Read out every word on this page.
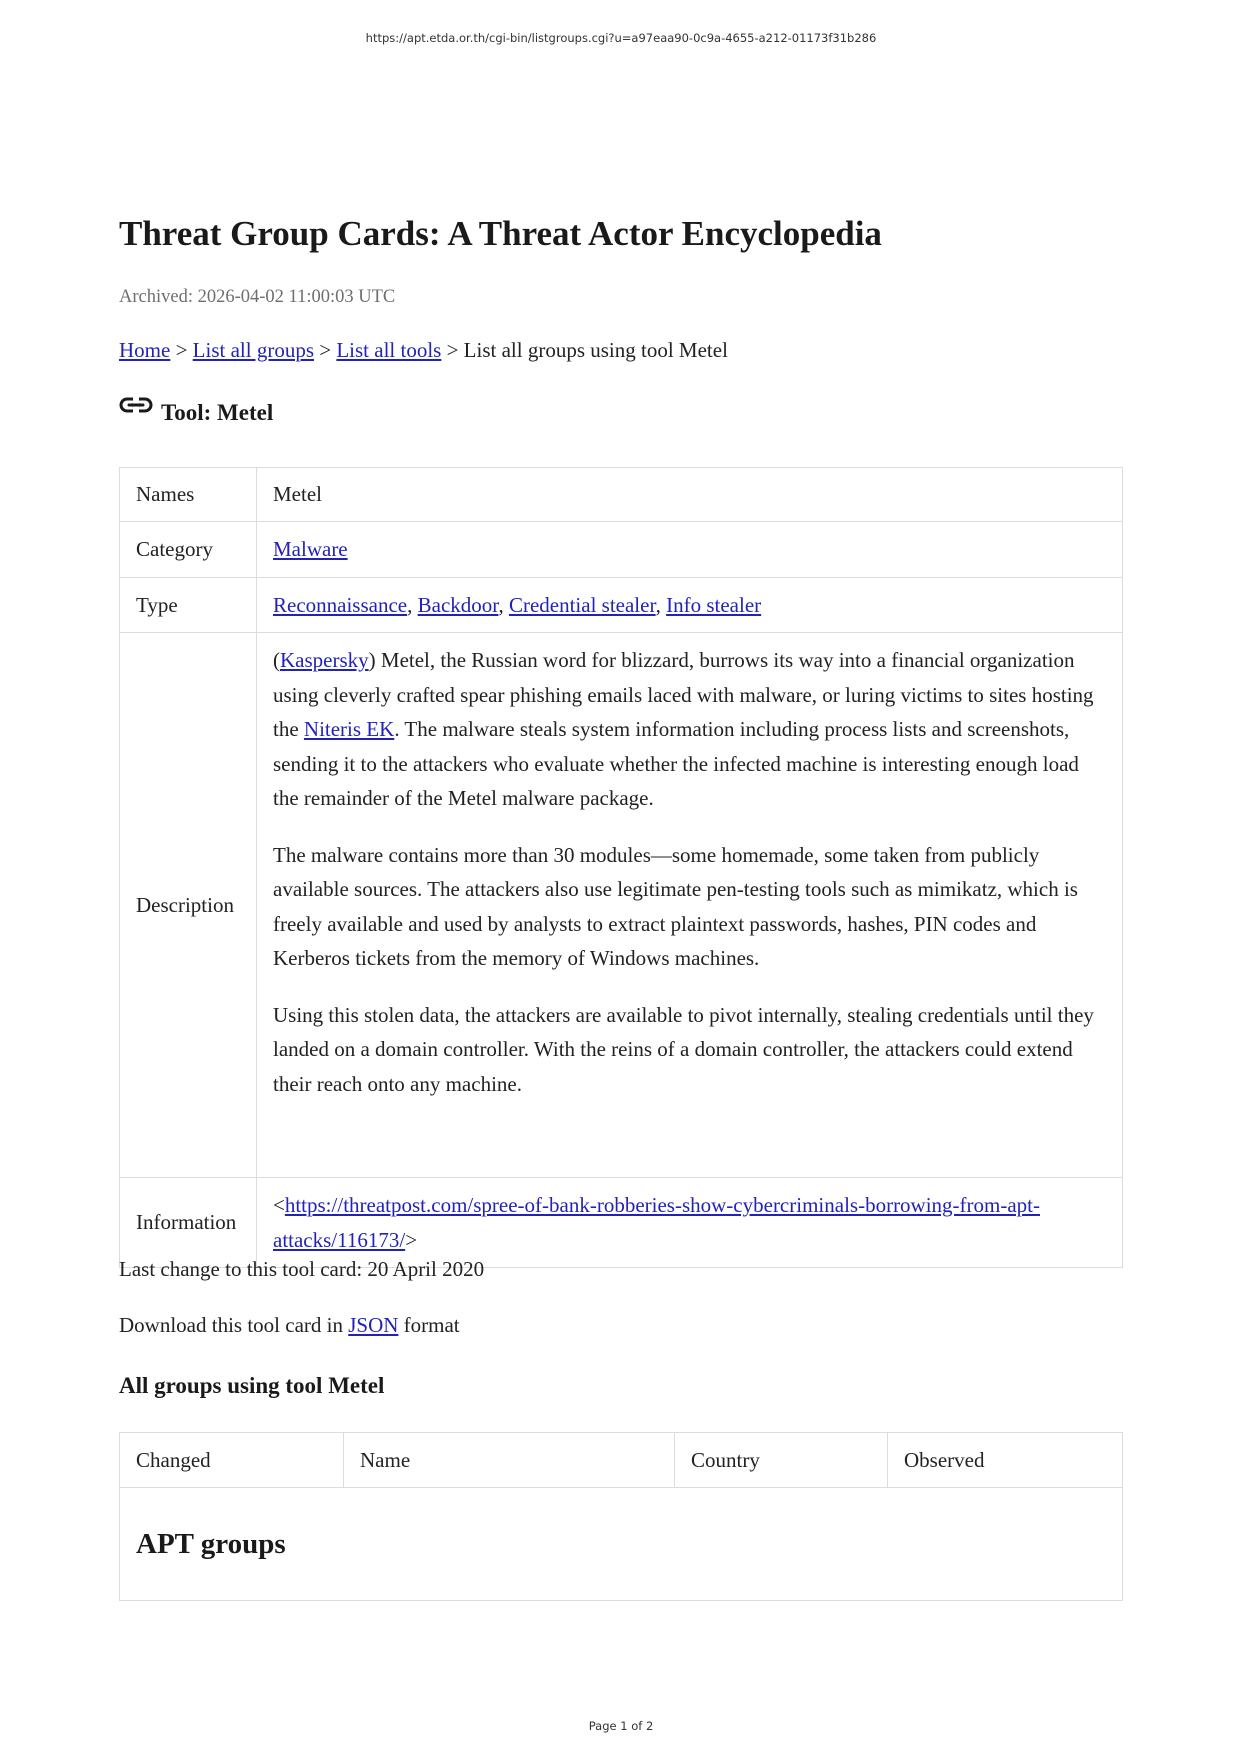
https://apt.etda.or.th/cgi-bin/listgroups.cgi?u=a97eaa90-0c9a-4655-a212-01173f31b286
Threat Group Cards: A Threat Actor Encyclopedia
Archived: 2026-04-02 11:00:03 UTC
Home > List all groups > List all tools > List all groups using tool Metel
Tool: Metel
Names	Metel
Category	Malware
Type	Reconnaissance, Backdoor, Credential stealer, Info stealer
Description	(Kaspersky) Metel, the Russian word for blizzard, burrows its way into a financial organization using cleverly crafted spear phishing emails laced with malware, or luring victims to sites hosting the Niteris EK. The malware steals system information including process lists and screenshots, sending it to the attackers who evaluate whether the infected machine is interesting enough load the remainder of the Metel malware package.

The malware contains more than 30 modules—some homemade, some taken from publicly available sources. The attackers also use legitimate pen-testing tools such as mimikatz, which is freely available and used by analysts to extract plaintext passwords, hashes, PIN codes and Kerberos tickets from the memory of Windows machines.

Using this stolen data, the attackers are available to pivot internally, stealing credentials until they landed on a domain controller. With the reins of a domain controller, the attackers could extend their reach onto any machine.

Information	<https://threatpost.com/spree-of-bank-robberies-show-cybercriminals-borrowing-from-apt-attacks/116173/>
Last change to this tool card: 20 April 2020
Download this tool card in JSON format
All groups using tool Metel
Changed	Name	Country	Observed

APT groups
Page 1 of 2
